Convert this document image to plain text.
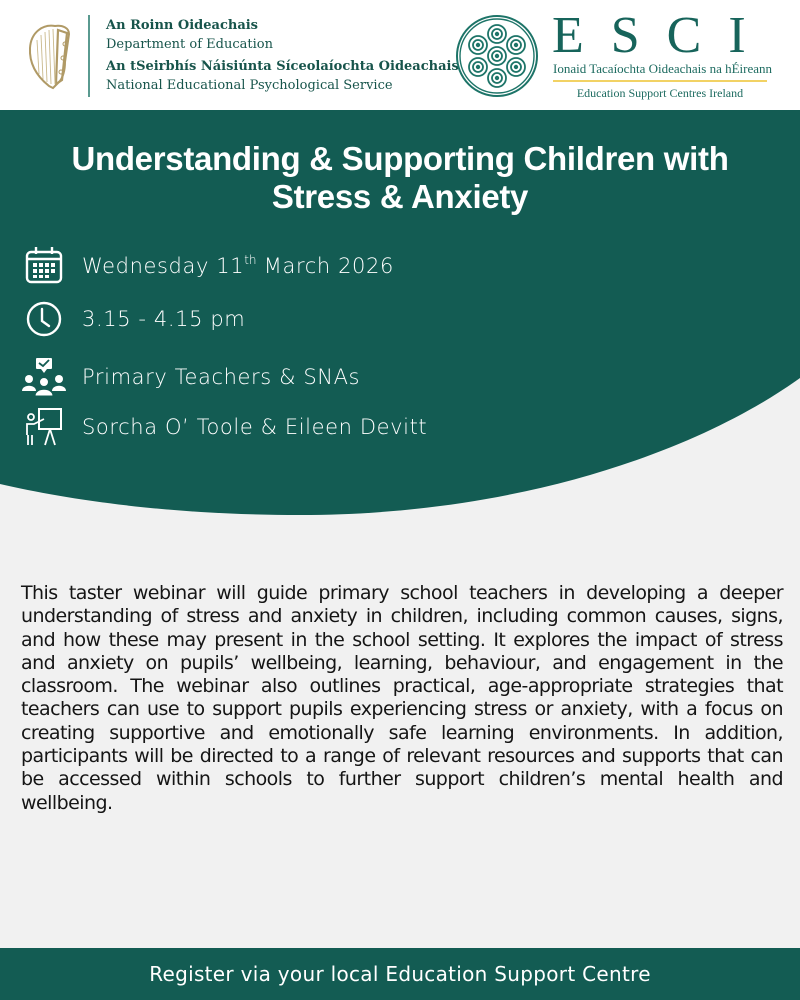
An Roinn Oideachais
Department of Education
An tSeirbhís Náisiúnta Síceolaíochta Oideachais
National Educational Psychological Service
ESCI
Ionaid Tacaíochta Oideachais na hÉireann
Education Support Centres Ireland
Understanding & Supporting Children with
Stress & Anxiety
Wednesday 11th March 2026
3.15 - 4.15 pm
Primary Teachers & SNAs
Sorcha O’ Toole & Eileen Devitt
This taster webinar will guide primary school teachers in developing a deeper understanding of stress and anxiety in children, including common causes, signs, and how these may present in the school setting. It explores the impact of stress and anxiety on pupils’ wellbeing, learning, behaviour, and engagement in the classroom. The webinar also outlines practical, age-appropriate strategies that teachers can use to support pupils experiencing stress or anxiety, with a focus on creating supportive and emotionally safe learning environments. In addition, participants will be directed to a range of relevant resources and supports that can be accessed within schools to further support children’s mental health and wellbeing.
Register via your local Education Support Centre
